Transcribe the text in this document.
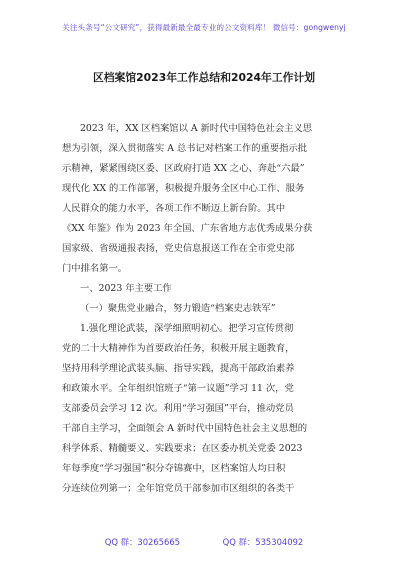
关注头条号“公文研究”，获得最新最全最专业的公文资料库！ 微信号：gongwenyj
区档案馆2023年工作总结和2024年工作计划
2023 年，XX 区档案馆以 A 新时代中国特色社会主义思
想为引领，深入贯彻落实 A 总书记对档案工作的重要指示批
示精神，紧紧围绕区委、区政府打造 XX 之心、奔赴“六最”
现代化 XX 的工作部署，积极提升服务全区中心工作、服务
人民群众的能力水平，各项工作不断迈上新台阶。其中
《XX 年鉴》作为 2023 年全国、广东省地方志优秀成果分获
国家级、省级通报表扬，党史信息报送工作在全市党史部
门中排名第一。
一、2023 年主要工作
（一）聚焦党业融合，努力锻造“档案史志铁军”
1.强化理论武装，深学细照明初心。把学习宣传贯彻
党的二十大精神作为首要政治任务，积极开展主题教育，
坚持用科学理论武装头脑、指导实践，提高干部政治素养
和政策水平。全年组织馆班子“第一议题”学习 11 次，党
支部委员会学习 12 次。利用“学习强国”平台，推动党员
干部自主学习，全面领会 A 新时代中国特色社会主义思想的
科学体系、精髓要义、实践要求；在区委办机关党委 2023
年每季度“学习强国”积分夺锦赛中，区档案馆人均日积
分连续位列第一；全年馆党员干部参加市区组织的各类干
QQ 群：30265665	QQ 群：535304092
